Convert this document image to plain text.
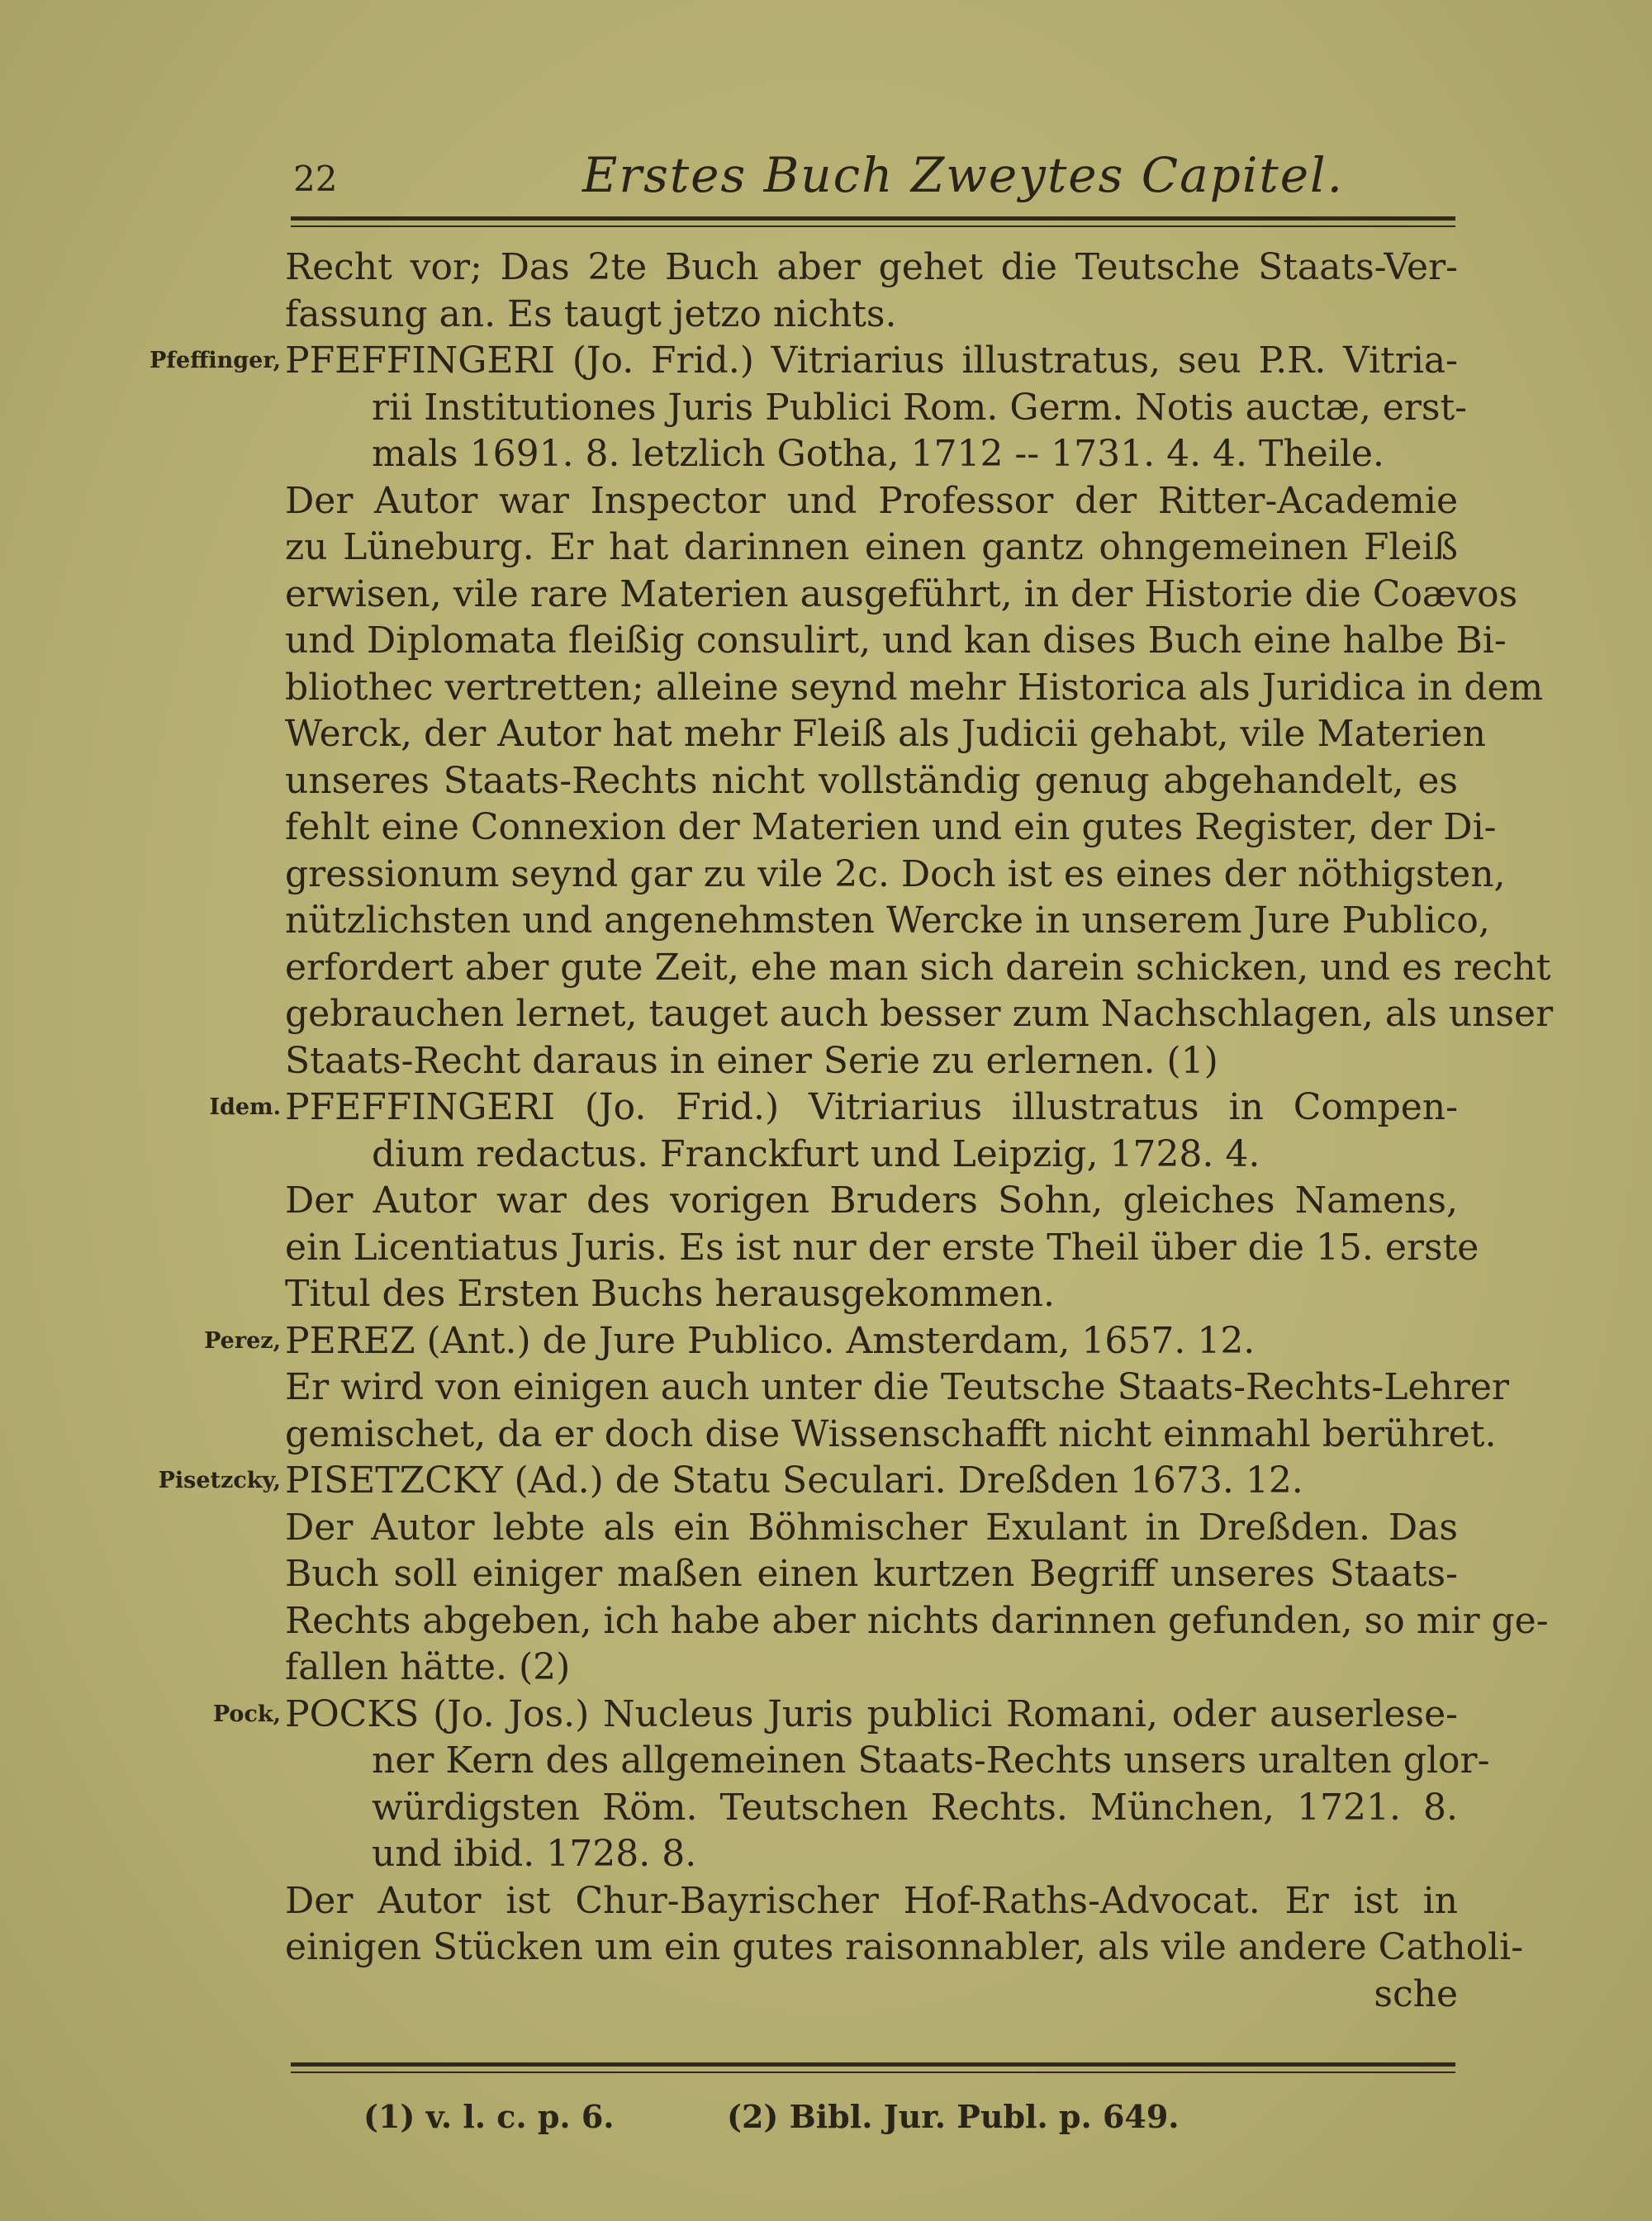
22	Erstes Buch Zweytes Capitel.
Recht vor; Das 2te Buch aber gehet die Teutsche Staats-Ver-
fassung an. Es taugt jetzo nichts.
Pfeffinger, PFEFFINGERI (Jo. Frid.) Vitriarius illustratus, seu P.R. Vitria-
rii Institutiones Juris Publici Rom. Germ. Notis auctæ, erst-
mals 1691. 8. letzlich Gotha, 1712 -- 1731. 4. 4. Theile.
Der Autor war Inspector und Professor der Ritter-Academie
zu Lüneburg. Er hat darinnen einen gantz ohngemeinen Fleiß
erwisen, vile rare Materien ausgeführt, in der Historie die Coævos
und Diplomata fleißig consulirt, und kan dises Buch eine halbe Bi-
bliothec vertretten; alleine seynd mehr Historica als Juridica in dem
Werck, der Autor hat mehr Fleiß als Judicii gehabt, vile Materien
unseres Staats-Rechts nicht vollständig genug abgehandelt, es
fehlt eine Connexion der Materien und ein gutes Register, der Di-
gressionum seynd gar zu vile 2c. Doch ist es eines der nöthigsten,
nützlichsten und angenehmsten Wercke in unserem Jure Publico,
erfordert aber gute Zeit, ehe man sich darein schicken, und es recht
gebrauchen lernet, tauget auch besser zum Nachschlagen, als unser
Staats-Recht daraus in einer Serie zu erlernen. (1)
Idem. PFEFFINGERI (Jo. Frid.) Vitriarius illustratus in Compen-
dium redactus. Franckfurt und Leipzig, 1728. 4.
Der Autor war des vorigen Bruders Sohn, gleiches Namens,
ein Licentiatus Juris. Es ist nur der erste Theil über die 15. erste
Titul des Ersten Buchs herausgekommen.
Perez, PEREZ (Ant.) de Jure Publico. Amsterdam, 1657. 12.
Er wird von einigen auch unter die Teutsche Staats-Rechts-Lehrer
gemischet, da er doch dise Wissenschafft nicht einmahl berühret.
Pisetzcky, PISETZCKY (Ad.) de Statu Seculari. Dreßden 1673. 12.
Der Autor lebte als ein Böhmischer Exulant in Dreßden. Das
Buch soll einiger maßen einen kurtzen Begriff unseres Staats-
Rechts abgeben, ich habe aber nichts darinnen gefunden, so mir ge-
fallen hätte. (2)
Pock, POCKS (Jo. Jos.) Nucleus Juris publici Romani, oder auserlese-
ner Kern des allgemeinen Staats-Rechts unsers uralten glor-
würdigsten Röm. Teutschen Rechts. München, 1721. 8.
und ibid. 1728. 8.
Der Autor ist Chur-Bayrischer Hof-Raths-Advocat. Er ist in
einigen Stücken um ein gutes raisonnabler, als vile andere Catholi-
sche
(1) v. l. c. p. 6.	(2) Bibl. Jur. Publ. p. 649.
